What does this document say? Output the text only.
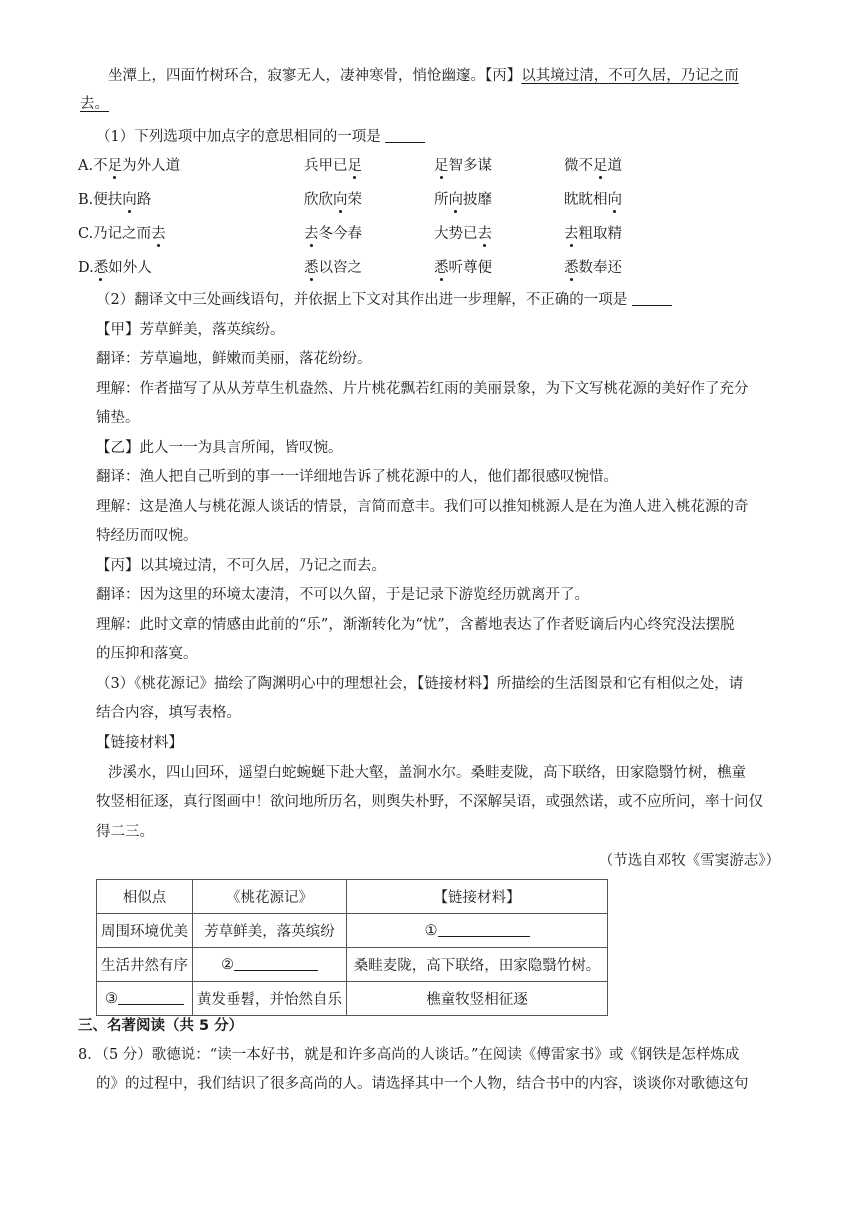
坐潭上，四面竹树环合，寂寥无人，凄神寒骨，悄怆幽邃。【丙】以其境过清，不可久居，乃记之而
去。
（1）下列选项中加点字的意思相同的一项是
A.不足为外人道	兵甲已足	足智多谋	微不足道
B.便扶向路	欣欣向荣	所向披靡	眈眈相向
C.乃记之而去	去冬今春	大势已去	去粗取精
D.悉如外人	悉以咨之	悉听尊便	悉数奉还
（2）翻译文中三处画线语句，并依据上下文对其作出进一步理解，不正确的一项是
【甲】芳草鲜美，落英缤纷。
翻译：芳草遍地，鲜嫩而美丽，落花纷纷。
理解：作者描写了从从芳草生机盎然、片片桃花飘若红雨的美丽景象，为下文写桃花源的美好作了充分
铺垫。
【乙】此人一一为具言所闻，皆叹惋。
翻译：渔人把自己听到的事一一详细地告诉了桃花源中的人，他们都很感叹惋惜。
理解：这是渔人与桃花源人谈话的情景，言简而意丰。我们可以推知桃源人是在为渔人进入桃花源的奇
特经历而叹惋。
【丙】以其境过清，不可久居，乃记之而去。
翻译：因为这里的环境太凄清，不可以久留，于是记录下游览经历就离开了。
理解：此时文章的情感由此前的“乐”，渐渐转化为“忧”，含蓄地表达了作者贬谪后内心终究没法摆脱
的压抑和落寞。
（3）《桃花源记》描绘了陶渊明心中的理想社会，【链接材料】所描绘的生活图景和它有相似之处，请
结合内容，填写表格。
【链接材料】
涉溪水，四山回环，遥望白蛇蜿蜒下赴大壑，盖涧水尔。桑畦麦陇，高下联络，田家隐翳竹树，樵童
牧竖相征逐，真行图画中！欲问地所历名，则舆失朴野，不深解吴语，或强然诺，或不应所问，率十问仅
得二三。
（节选自邓牧《雪窦游志》）
相似点	《桃花源记》	【链接材料】
周围环境优美	芳草鲜美，落英缤纷	①
生活井然有序	②	桑畦麦陇，高下联络，田家隐翳竹树。
③	黄发垂髫，并怡然自乐	樵童牧竖相征逐
三、名著阅读（共 5 分）
8．（5 分）歌德说：“读一本好书，就是和许多高尚的人谈话。”在阅读《傅雷家书》或《钢铁是怎样炼成
的》的过程中，我们结识了很多高尚的人。请选择其中一个人物，结合书中的内容，谈谈你对歌德这句
